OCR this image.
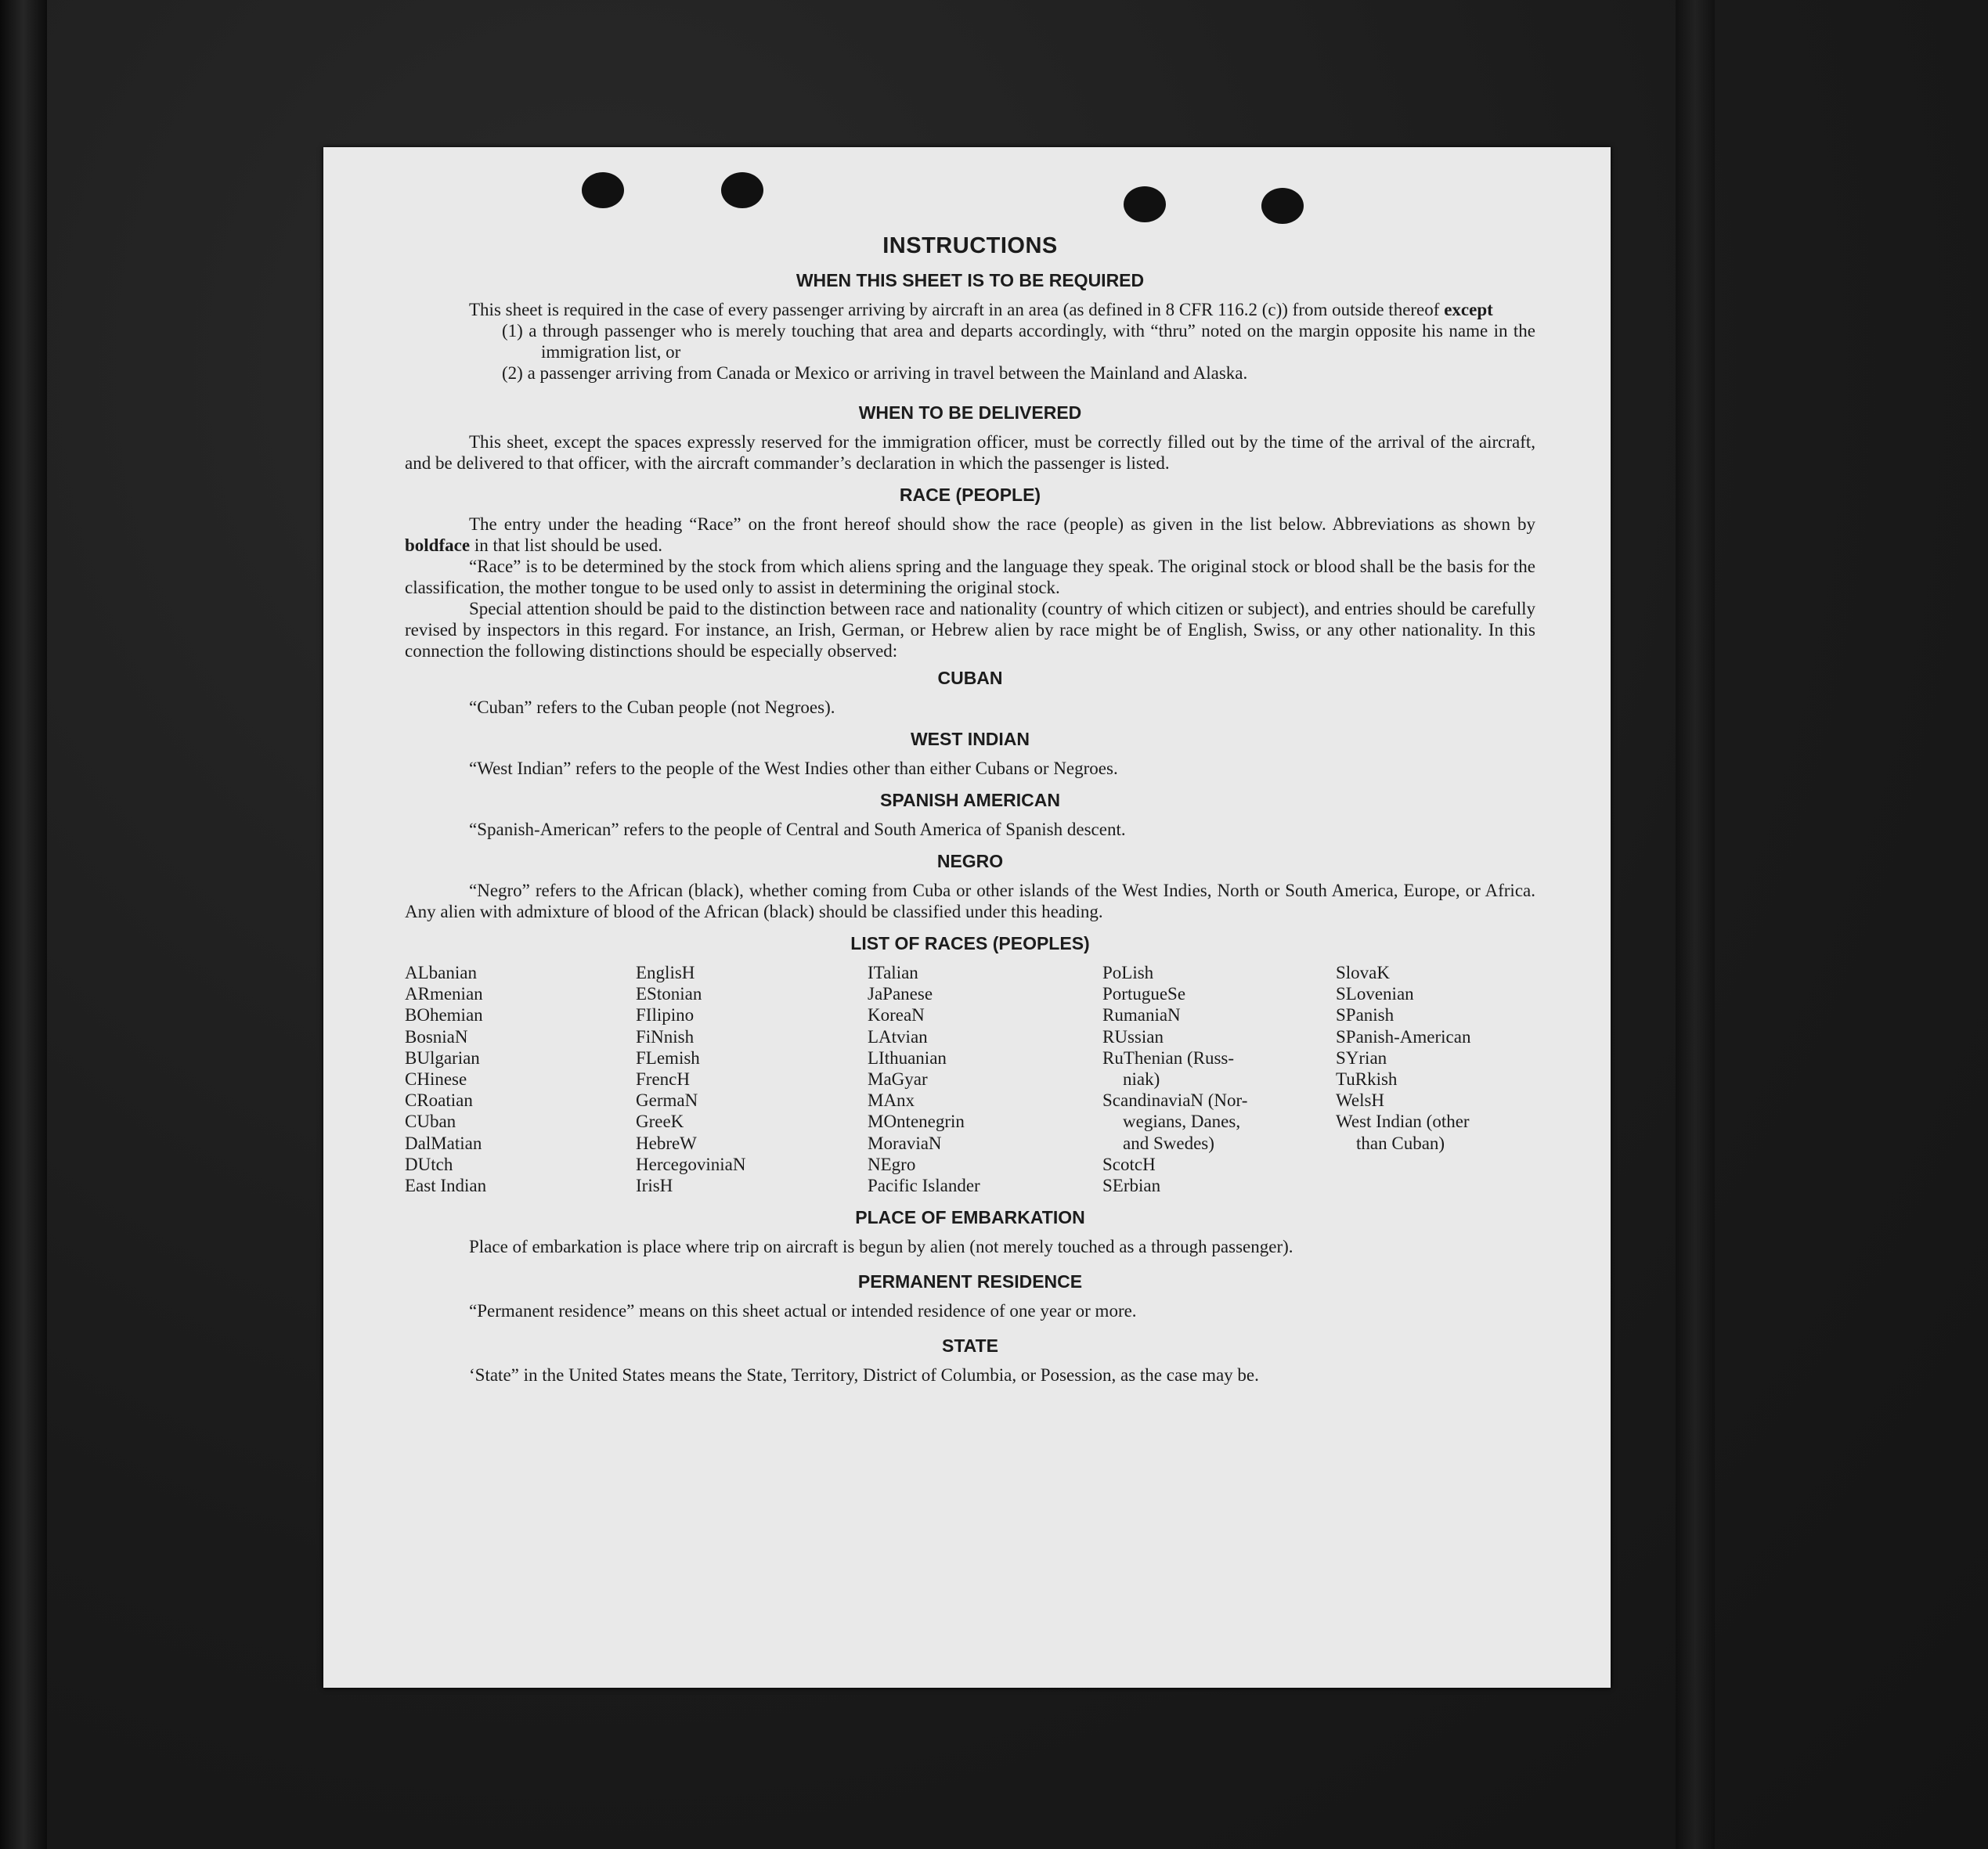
INSTRUCTIONS
WHEN THIS SHEET IS TO BE REQUIRED

This sheet is required in the case of every passenger arriving by aircraft in an area (as defined in 8 CFR 116.2 (c)) from outside thereof except

(1) a through passenger who is merely touching that area and departs accordingly, with “thru” noted on the margin opposite his name in the immigration list, or
(2) a passenger arriving from Canada or Mexico or arriving in travel between the Mainland and Alaska.
WHEN TO BE DELIVERED

This sheet, except the spaces expressly reserved for the immigration officer, must be correctly filled out by the time of the arrival of the aircraft, and be delivered to that officer, with the aircraft commander’s declaration in which the passenger is listed.

RACE (PEOPLE)

The entry under the heading “Race” on the front hereof should show the race (people) as given in the list below. Abbreviations as shown by boldface in that list should be used.

“Race” is to be determined by the stock from which aliens spring and the language they speak. The original stock or blood shall be the basis for the classification, the mother tongue to be used only to assist in determining the original stock.

Special attention should be paid to the distinction between race and nationality (country of which citizen or subject), and entries should be carefully revised by inspectors in this regard. For instance, an Irish, German, or Hebrew alien by race might be of English, Swiss, or any other nationality. In this connection the following distinctions should be especially observed:

CUBAN

“Cuban” refers to the Cuban people (not Negroes).

WEST INDIAN

“West Indian” refers to the people of the West Indies other than either Cubans or Negroes.

SPANISH AMERICAN

“Spanish-American” refers to the people of Central and South America of Spanish descent.

NEGRO

“Negro” refers to the African (black), whether coming from Cuba or other islands of the West Indies, North or South America, Europe, or Africa. Any alien with admixture of blood of the African (black) should be classified under this heading.

LIST OF RACES (PEOPLES)
ALbanian
ARmenian
BOhemian
BosniaN
BUlgarian
CHinese
CRoatian
CUban
DalMatian
DUtch
East Indian
EnglisH
EStonian
FIlipino
FiNnish
FLemish
FrencH
GermaN
GreeK
HebreW
HercegoviniaN
IrisH
ITalian
JaPanese
KoreaN
LAtvian
LIthuanian
MaGyar
MAnx
MOntenegrin
MoraviaN
NEgro
Pacific Islander
PoLish
PortugueSe
RumaniaN
RUssian
RuThenian (Russ-
niak)
ScandinaviaN (Nor-
wegians, Danes,
and Swedes)
ScotcH
SErbian
SlovaK
SLovenian
SPanish
SPanish-American
SYrian
TuRkish
WelsH
West Indian (other
than Cuban)
PLACE OF EMBARKATION

Place of embarkation is place where trip on aircraft is begun by alien (not merely touched as a through passenger).

PERMANENT RESIDENCE

“Permanent residence” means on this sheet actual or intended residence of one year or more.

STATE

‘State” in the United States means the State, Territory, District of Columbia, or Posession, as the case may be.
